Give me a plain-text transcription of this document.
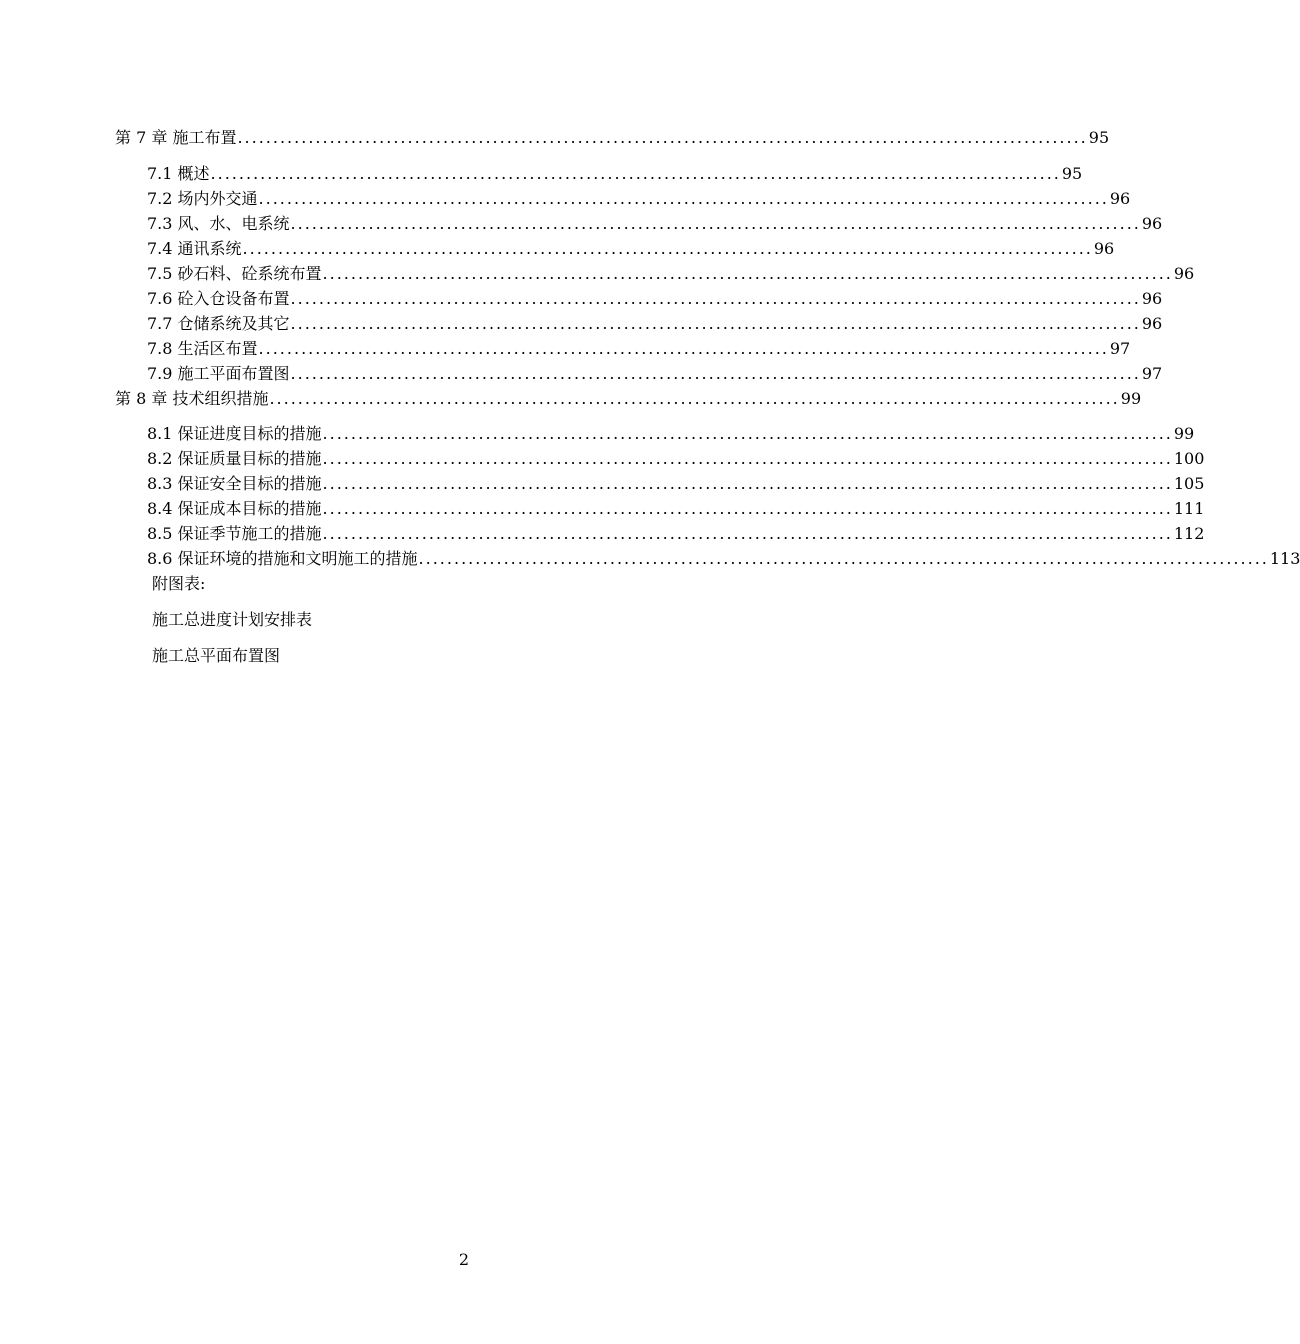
第 7 章 施工布置 ........................................................................................................................ 95
7.1 概述 ........................................................................................................................ 95
7.2 场内外交通 ........................................................................................................................ 96
7.3 风、水、电系统 ........................................................................................................................ 96
7.4 通讯系统 ........................................................................................................................ 96
7.5 砂石料、砼系统布置 ........................................................................................................................ 96
7.6 砼入仓设备布置 ........................................................................................................................ 96
7.7 仓储系统及其它 ........................................................................................................................ 96
7.8 生活区布置 ........................................................................................................................ 97
7.9 施工平面布置图 ........................................................................................................................ 97
第 8 章 技术组织措施 ........................................................................................................................ 99
8.1 保证进度目标的措施 ........................................................................................................................ 99
8.2 保证质量目标的措施 ........................................................................................................................ 100
8.3 保证安全目标的措施 ........................................................................................................................ 105
8.4 保证成本目标的措施 ........................................................................................................................ 111
8.5 保证季节施工的措施 ........................................................................................................................ 112
8.6 保证环境的措施和文明施工的措施 ........................................................................................................................ 113
附图表:
施工总进度计划安排表
施工总平面布置图
2
